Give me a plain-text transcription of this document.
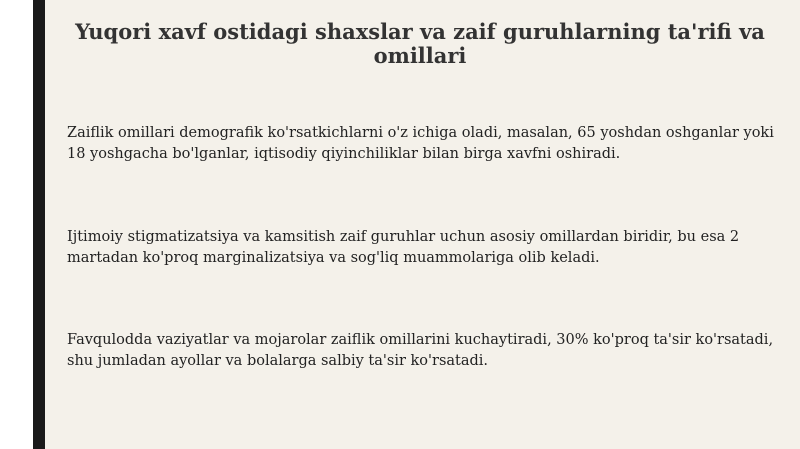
Yuqori xavf ostidagi shaxslar va zaif guruhlarning ta'rifi va omillari

Zaiflik omillari demografik ko'rsatkichlarni o'z ichiga oladi, masalan, 65 yoshdan oshganlar yoki 18 yoshgacha bo'lganlar, iqtisodiy qiyinchiliklar bilan birga xavfni oshiradi.

Ijtimoiy stigmatizatsiya va kamsitish zaif guruhlar uchun asosiy omillardan biridir, bu esa 2 martadan ko'proq marginalizatsiya va sog'liq muammolariga olib keladi.

Favqulodda vaziyatlar va mojarolar zaiflik omillarini kuchaytiradi, 30% ko'proq ta'sir ko'rsatadi, shu jumladan ayollar va bolalarga salbiy ta'sir ko'rsatadi.
